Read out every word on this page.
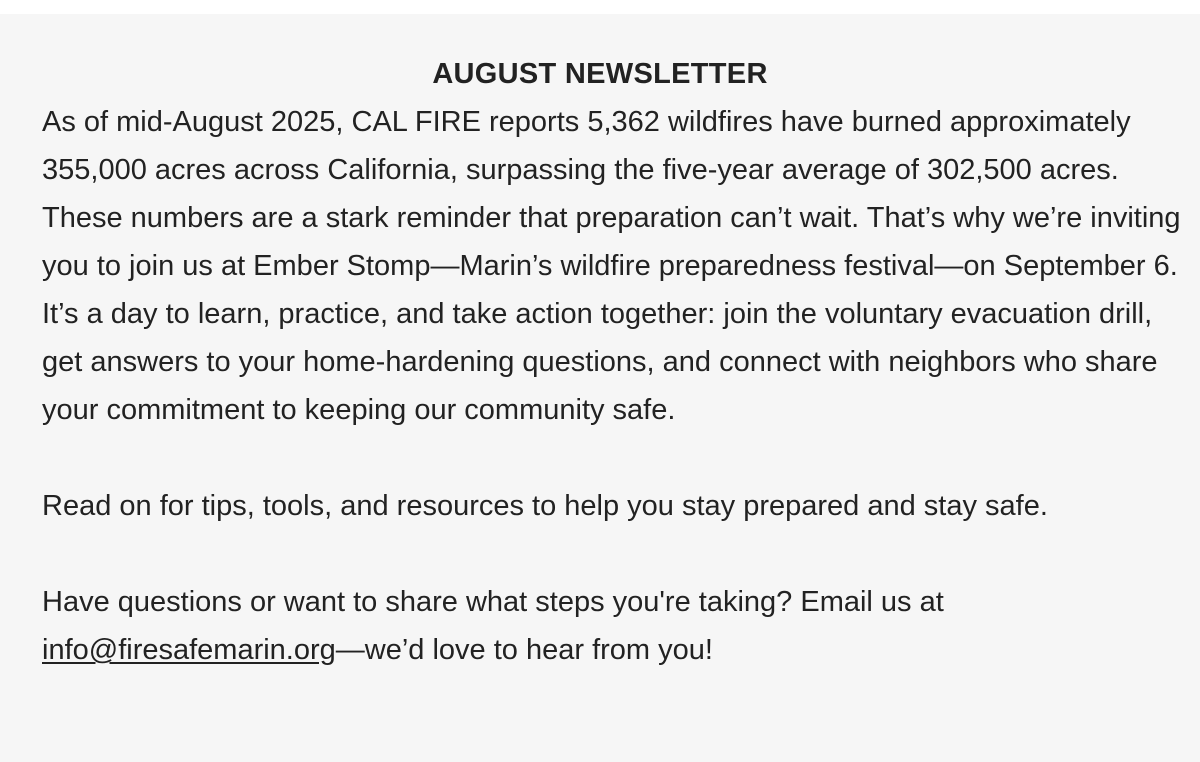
AUGUST NEWSLETTER

As of mid-August 2025, CAL FIRE reports 5,362 wildfires have burned approximately 355,000 acres across California, surpassing the five-year average of 302,500 acres. These numbers are a stark reminder that preparation can’t wait. That’s why we’re inviting you to join us at Ember Stomp—Marin’s wildfire preparedness festival—on September 6. It’s a day to learn, practice, and take action together: join the voluntary evacuation drill, get answers to your home-hardening questions, and connect with neighbors who share your commitment to keeping our community safe.

Read on for tips, tools, and resources to help you stay prepared and stay safe.

Have questions or want to share what steps you're taking? Email us at info@firesafemarin.org—we’d love to hear from you!
